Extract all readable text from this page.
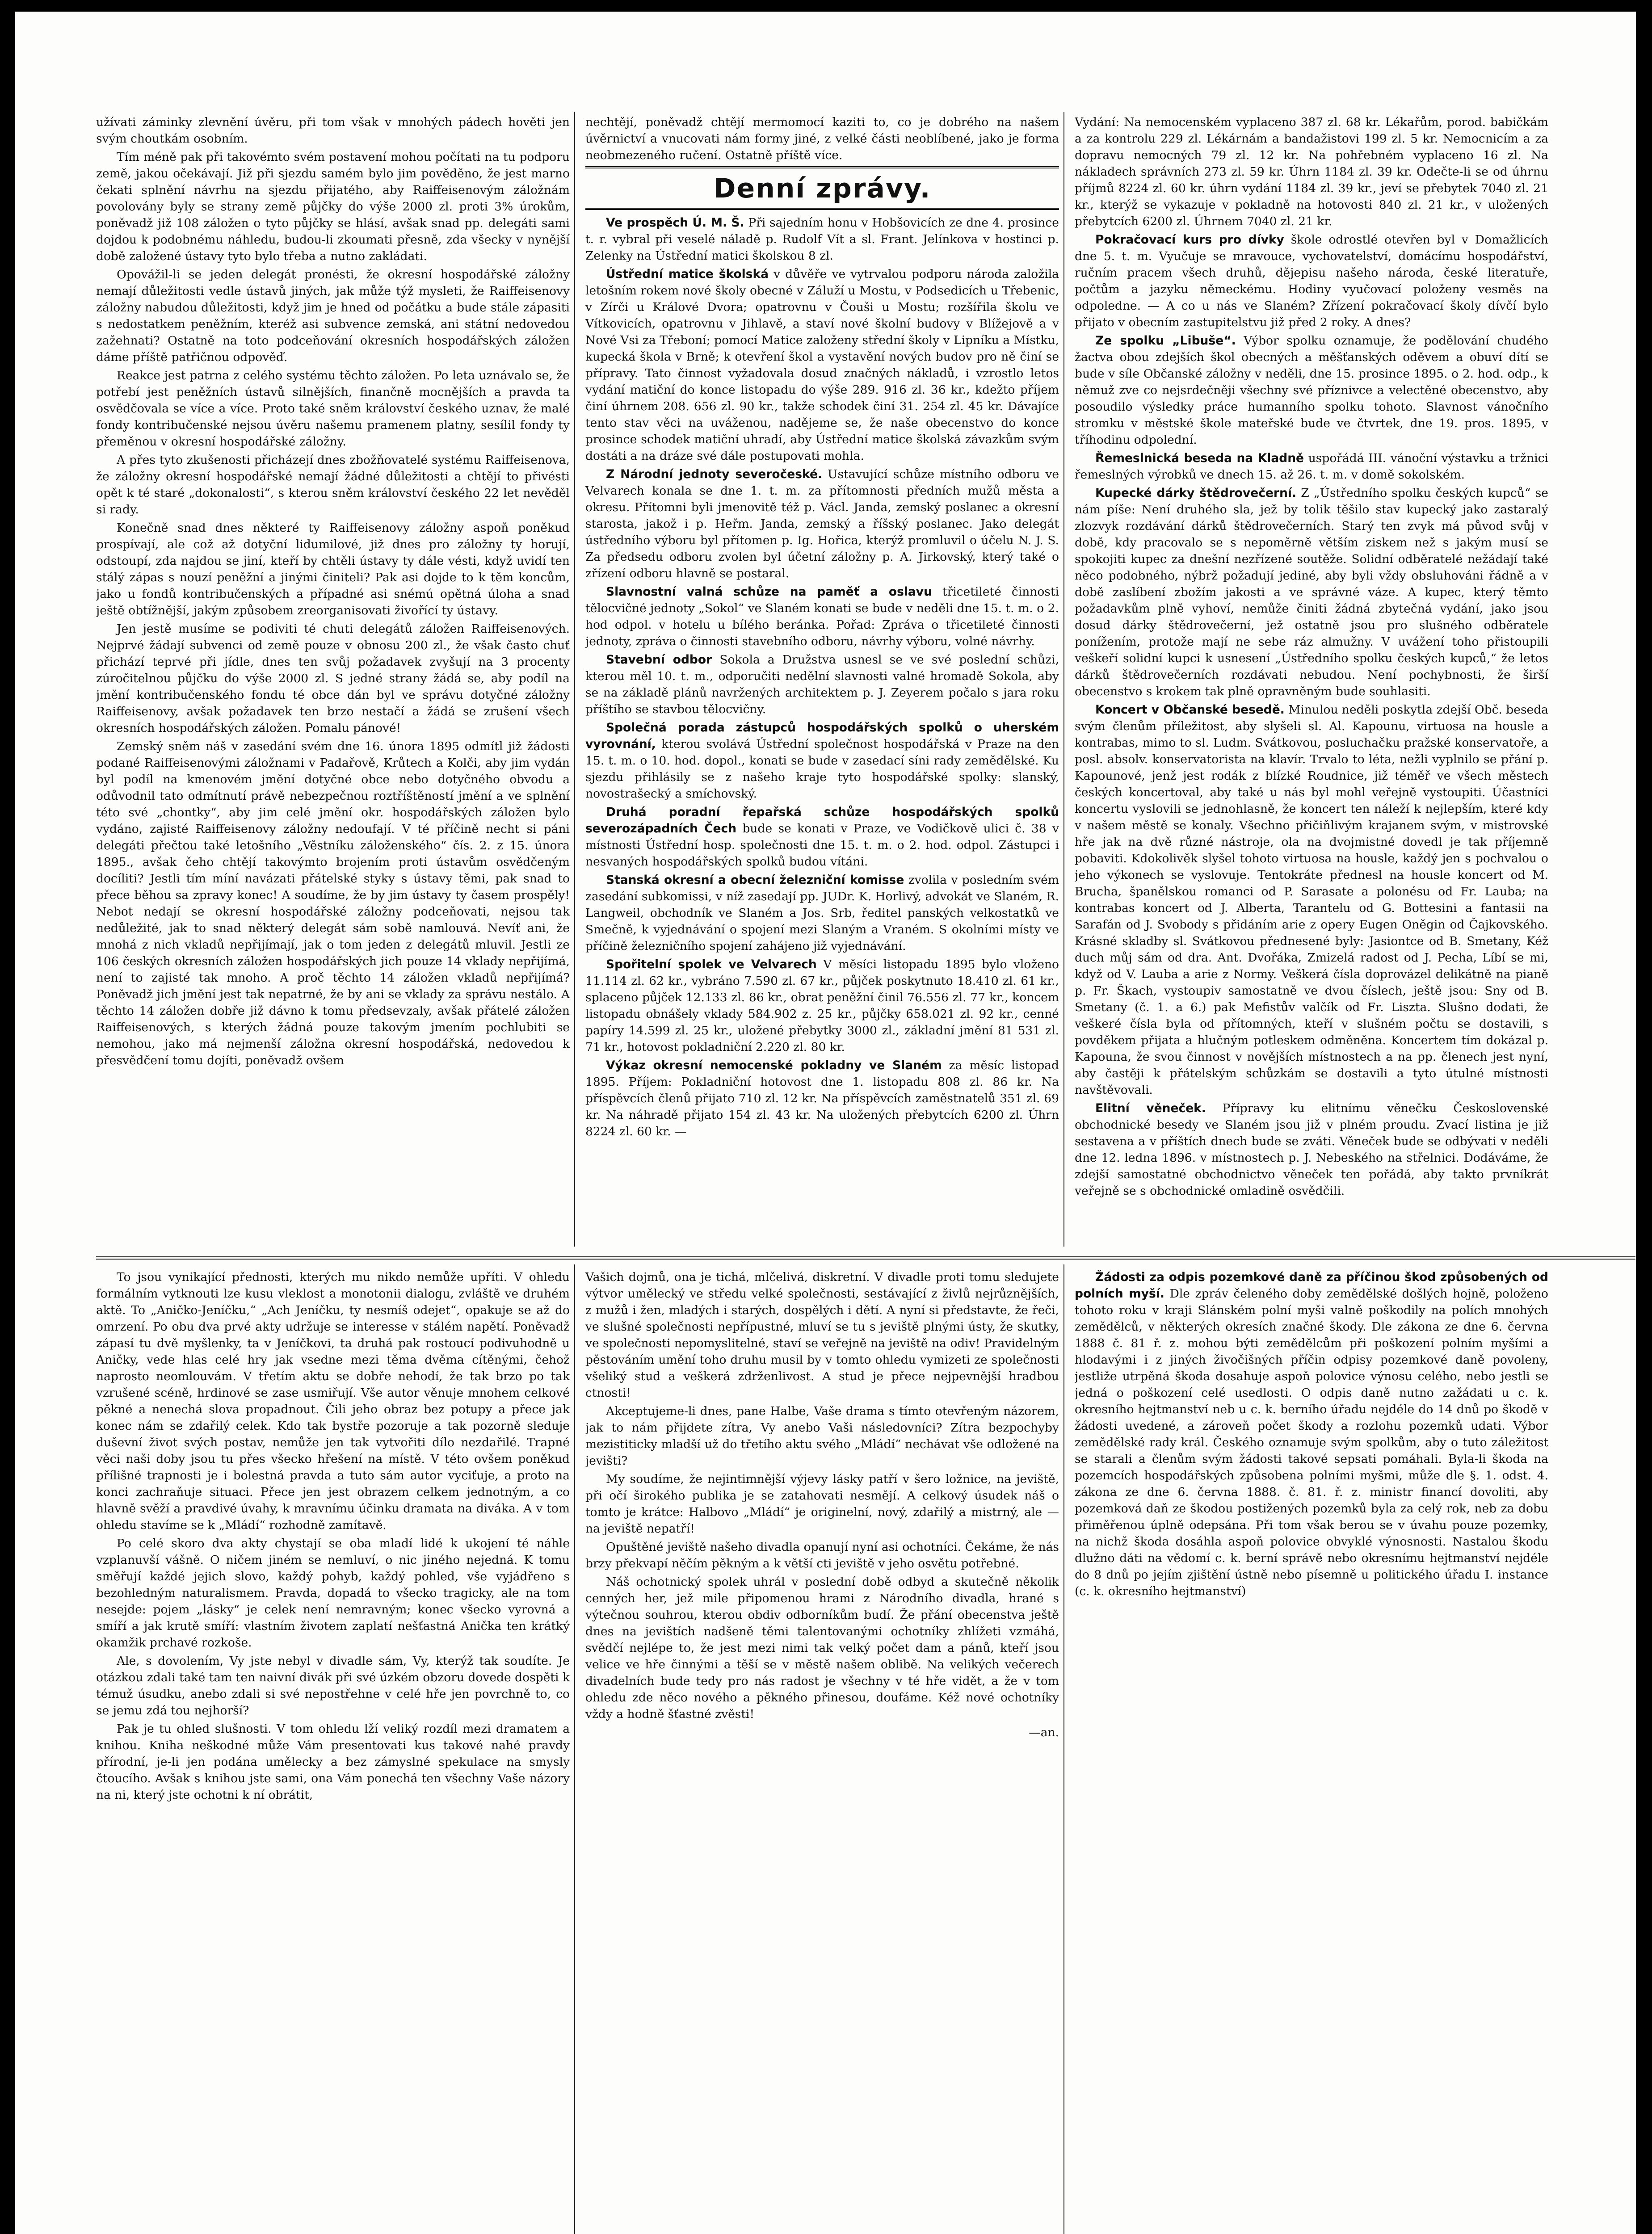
užívati záminky zlevnění úvěru, při tom však v mnohých pádech hověti jen svým choutkám osobním.

Tím méně pak při takovémto svém postavení mohou počítati na tu podporu země, jakou očekávají. Již při sjezdu samém bylo jim pověděno, že jest marno čekati splnění návrhu na sjezdu přijatého, aby Raiffeisenovým záložnám povolovány byly se strany země půjčky do výše 2000 zl. proti 3% úrokům, poněvadž již 108 záložen o tyto půjčky se hlásí, avšak snad pp. delegáti sami dojdou k podobnému náhledu, budou-li zkoumati přesně, zda všecky v nynější době založené ústavy tyto bylo třeba a nutno zakládati.

Opovážil-li se jeden delegát pronésti, že okresní hospodářské záložny nemají důležitosti vedle ústavů jiných, jak může týž mysleti, že Raiffeisenovy záložny nabudou důležitosti, když jim je hned od počátku a bude stále zápasiti s nedostatkem peněžním, kteréž asi subvence zemská, ani státní nedovedou zažehnati? Ostatně na toto podceňování okresních hospodářských záložen dáme příště patřičnou odpověď.

Reakce jest patrna z celého systému těchto záložen. Po leta uznávalo se, že potřebí jest peněžních ústavů silnějších, finančně mocnějších a pravda ta osvědčovala se více a více. Proto také sněm království českého uznav, že malé fondy kontribučenské nejsou úvěru našemu pramenem platny, sesílil fondy ty přeměnou v okresní hospodářské záložny.

A přes tyto zkušenosti přicházejí dnes zbožňovatelé systému Raiffeisenova, že záložny okresní hospodářské nemají žádné důležitosti a chtějí to přivésti opět k té staré „dokonalosti“, s kterou sněm království českého 22 let nevěděl si rady.

Konečně snad dnes některé ty Raiffeisenovy záložny aspoň poněkud prospívají, ale což až dotyční lidumilové, již dnes pro záložny ty horují, odstoupí, zda najdou se jiní, kteří by chtěli ústavy ty dále vésti, když uvidí ten stálý zápas s nouzí peněžní a jinými činiteli? Pak asi dojde to k těm koncům, jako u fondů kontribučenských a případné asi snémú opětná úloha a snad ještě obtížnější, jakým způsobem zreorganisovati živořící ty ústavy.

Jen jestě musíme se podiviti té chuti delegátů záložen Raiffeisenových. Nejprvé žádají subvenci od země pouze v obnosu 200 zl., že však často chuť přichází teprvé při jídle, dnes ten svůj požadavek zvyšují na 3 procenty zúročitelnou půjčku do výše 2000 zl. S jedné strany žádá se, aby podíl na jmění kontribučenského fondu té obce dán byl ve správu dotyčné záložny Raiffeisenovy, avšak požadavek ten brzo nestačí a žádá se zrušení všech okresních hospodářských záložen. Pomalu pánové!

Zemský sněm náš v zasedání svém dne 16. února 1895 odmítl již žádosti podané Raiffeisenovými záložnami v Padařově, Krůtech a Kolči, aby jim vydán byl podíl na kmenovém jmění dotyčné obce nebo dotyčného obvodu a odůvodnil tato odmítnutí právě nebezpečnou roztříštěností jmění a ve splnění této své „chontky“, aby jim celé jmění okr. hospodářských záložen bylo vydáno, zajisté Raiffeisenovy záložny nedoufají. V té příčině necht si páni delegáti přečtou také letošního „Věstníku záloženského“ čís. 2. z 15. února 1895., avšak čeho chtějí takovýmto brojením proti ústavům osvědčeným docíliti? Jestli tím míní navázati přátelské styky s ústavy těmi, pak snad to přece běhou sa zpravy konec! A soudíme, že by jim ústavy ty časem prospěly! Nebot nedají se okresní hospodářské záložny podceňovati, nejsou tak nedůležité, jak to snad některý delegát sám sobě namlouvá. Nevíť ani, že mnohá z nich vkladů nepřijímají, jak o tom jeden z delegátů mluvil. Jestli ze 106 českých okresních záložen hospodářských jich pouze 14 vklady nepřijímá, není to zajisté tak mnoho. A proč těchto 14 záložen vkladů nepřijímá? Poněvadž jich jmění jest tak nepatrné, že by ani se vklady za správu nestálo. A těchto 14 záložen dobře již dávno k tomu předsevzaly, avšak přátelé záložen Raiffeisenových, s kterých žádná pouze takovým jmením pochlubiti se nemohou, jako má nejmenší záložna okresní hospodářská, nedovedou k přesvědčení tomu dojíti, poněvadž ovšem

nechtějí, poněvadž chtějí mermomocí kaziti to, co je dobrého na našem úvěrnictví a vnucovati nám formy jiné, z velké části neoblíbené, jako je forma neobmezeného ručení. Ostatně příště více.

Denní zprávy.

Ve prospěch Ú. M. Š. Při sajedním honu v Hobšovicích ze dne 4. prosince t. r. vybral při veselé náladě p. Rudolf Vít a sl. Frant. Jelínkova v hostinci p. Zelenky na Ústřední matici školskou 8 zl.

Ústřední matice školská v důvěře ve vytrvalou podporu národa založila letošním rokem nové školy obecné v Záluží u Mostu, v Podsedicích u Třebenic, v Zírči u Králové Dvora; opatrovnu v Čouši u Mostu; rozšířila školu ve Vítkovicích, opatrovnu v Jihlavě, a staví nové školní budovy v Blížejově a v Nové Vsi za Třeboní; pomocí Matice založeny střední školy v Lipníku a Místku, kupecká škola v Brně; k otevření škol a vystavění nových budov pro ně činí se přípravy. Tato činnost vyžadovala dosud značných nákladů, i vzrostlo letos vydání matiční do konce listopadu do výše 289. 916 zl. 36 kr., kdežto příjem činí úhrnem 208. 656 zl. 90 kr., takže schodek činí 31. 254 zl. 45 kr. Dávajíce tento stav věci na uváženou, nadějeme se, že naše obecenstvo do konce prosince schodek matiční uhradí, aby Ústřední matice školská závazkům svým dostáti a na dráze své dále postupovati mohla.

Z Národní jednoty severočeské. Ustavující schůze místního odboru ve Velvarech konala se dne 1. t. m. za přítomnosti předních mužů města a okresu. Přítomni byli jmenovitě též p. Václ. Janda, zemský poslanec a okresní starosta, jakož i p. Heřm. Janda, zemský a říšský poslanec. Jako delegát ústředního výboru byl přítomen p. Ig. Hořica, kterýž promluvil o účelu N. J. S. Za předsedu odboru zvolen byl účetní záložny p. A. Jirkovský, který také o zřízení odboru hlavně se postaral.

Slavnostní valná schůze na paměť a oslavu třicetileté činnosti tělocvičné jednoty „Sokol“ ve Slaném konati se bude v neděli dne 15. t. m. o 2. hod odpol. v hotelu u bílého beránka. Pořad: Zpráva o třicetileté činnosti jednoty, zpráva o činnosti stavebního odboru, návrhy výboru, volné návrhy.

Stavební odbor Sokola a Družstva usnesl se ve své poslední schůzi, kterou měl 10. t. m., odporučiti nedělní slavnosti valné hromadě Sokola, aby se na základě plánů navržených architektem p. J. Zeyerem počalo s jara roku příštího se stavbou tělocvičny.

Společná porada zástupců hospodářských spolků o uherském vyrovnání, kterou svolává Ústřední společnost hospodářská v Praze na den 15. t. m. o 10. hod. dopol., konati se bude v zasedací síni rady zemědělské. Ku sjezdu přihlásily se z našeho kraje tyto hospodářské spolky: slanský, novostrašecký a smíchovský.

Druhá poradní řepařská schůze hospodářských spolků severozápadních Čech bude se konati v Praze, ve Vodičkově ulici č. 38 v místnosti Ústřední hosp. společnosti dne 15. t. m. o 2. hod. odpol. Zástupci i nesvaných hospodářských spolků budou vítáni.

Stanská okresní a obecní železniční komisse zvolila v posledním svém zasedání subkomissi, v níž zasedají pp. JUDr. K. Horlivý, advokát ve Slaném, R. Langweil, obchodník ve Slaném a Jos. Srb, ředitel panských velkostatků ve Smečně, k vyjednávání o spojení mezi Slaným a Vraném. S okolními místy ve příčině železničního spojení zahájeno již vyjednávání.

Spořitelní spolek ve Velvarech V měsíci listopadu 1895 bylo vloženo 11.114 zl. 62 kr., vybráno 7.590 zl. 67 kr., půjček poskytnuto 18.410 zl. 61 kr., splaceno půjček 12.133 zl. 86 kr., obrat peněžní činil 76.556 zl. 77 kr., koncem listopadu obnášely vklady 584.902 z. 25 kr., půjčky 658.021 zl. 92 kr., cenné papíry 14.599 zl. 25 kr., uložené přebytky 3000 zl., základní jmění 81 531 zl. 71 kr., hotovost pokladniční 2.220 zl. 80 kr.

Výkaz okresní nemocenské pokladny ve Slaném za měsíc listopad 1895. Příjem: Pokladniční hotovost dne 1. listopadu 808 zl. 86 kr. Na příspěvcích členů přijato 710 zl. 12 kr. Na příspěvcích zaměstnatelů 351 zl. 69 kr. Na náhradě přijato 154 zl. 43 kr. Na uložených přebytcích 6200 zl. Úhrn 8224 zl. 60 kr. —

Vydání: Na nemocenském vyplaceno 387 zl. 68 kr. Lékařům, porod. babičkám a za kontrolu 229 zl. Lékárnám a bandažistovi 199 zl. 5 kr. Nemocnicím a za dopravu nemocných 79 zl. 12 kr. Na pohřebném vyplaceno 16 zl. Na nákladech správních 273 zl. 59 kr. Úhrn 1184 zl. 39 kr. Odečte-li se od úhrnu příjmů 8224 zl. 60 kr. úhrn vydání 1184 zl. 39 kr., jeví se přebytek 7040 zl. 21 kr., kterýž se vykazuje v pokladně na hotovosti 840 zl. 21 kr., v uložených přebytcích 6200 zl. Úhrnem 7040 zl. 21 kr.

Pokračovací kurs pro dívky škole odrostlé otevřen byl v Domažlicích dne 5. t. m. Vyučuje se mravouce, vychovatelství, domácímu hospodářství, ručním pracem všech druhů, dějepisu našeho národa, české literatuře, počtům a jazyku německému. Hodiny vyučovací položeny vesměs na odpoledne. — A co u nás ve Slaném? Zřízení pokračovací školy dívčí bylo přijato v obecním zastupitelstvu již před 2 roky. A dnes?

Ze spolku „Libuše“. Výbor spolku oznamuje, že podělování chudého žactva obou zdejších škol obecných a měšťanských oděvem a obuví dítí se bude v síle Občanské záložny v neděli, dne 15. prosince 1895. o 2. hod. odp., k němuž zve co nejsrdečněji všechny své příznivce a velectěné obecenstvo, aby posoudilo výsledky práce humanního spolku tohoto. Slavnost vánočního stromku v městské škole mateřské bude ve čtvrtek, dne 19. pros. 1895, v tříhodinu odpolední.

Řemeslnická beseda na Kladně uspořádá III. vánoční výstavku a tržnici řemeslných výrobků ve dnech 15. až 26. t. m. v domě sokolském.

Kupecké dárky štědrovečerní. Z „Ústředního spolku českých kupců“ se nám píše: Není druhého sla, jež by tolik těšilo stav kupecký jako zastaralý zlozvyk rozdávání dárků štědrovečerních. Starý ten zvyk má původ svůj v době, kdy pracovalo se s nepoměrně větším ziskem než s jakým musí se spokojiti kupec za dnešní nezřízené soutěže. Solidní odběratelé nežádají také něco podobného, nýbrž požadují jediné, aby byli vždy obsluhováni řádně a v době zaslíbení zbožím jakosti a ve správné váze. A kupec, který těmto požadavkům plně vyhoví, nemůže činiti žádná zbytečná vydání, jako jsou dosud dárky štědrovečerní, jež ostatně jsou pro slušného odběratele ponížením, protože mají ne sebe ráz almužny. V uvážení toho přistoupili veškeří solidní kupci k usnesení „Ústředního spolku českých kupců,“ že letos dárků štědrovečerních rozdávati nebudou. Není pochybnosti, že širší obecenstvo s krokem tak plně opravněným bude souhlasiti.

Koncert v Občanské besedě. Minulou neděli poskytla zdejší Obč. beseda svým členům příležitost, aby slyšeli sl. Al. Kapounu, virtuosa na housle a kontrabas, mimo to sl. Ludm. Svátkovou, posluchačku pražské konservatoře, a posl. absolv. konservatorista na klavír. Trvalo to léta, nežli vyplnilo se přání p. Kapounové, jenž jest rodák z blízké Roudnice, již téměř ve všech městech českých koncertoval, aby také u nás byl mohl veřejně vystoupiti. Účastníci koncertu vyslovili se jednohlasně, že koncert ten náleží k nejlepším, které kdy v našem městě se konaly. Všechno přičiňlivým krajanem svým, v mistrovské hře jak na dvě různé nástroje, ola na dvojmistné dovedl je tak příjemně pobaviti. Kdokolivěk slyšel tohoto virtuosa na housle, každý jen s pochvalou o jeho výkonech se vyslovuje. Tentokráte přednesl na housle koncert od M. Brucha, španělskou romanci od P. Sarasate a polonésu od Fr. Lauba; na kontrabas koncert od J. Alberta, Tarantelu od G. Bottesini a fantasii na Sarafán od J. Svobody s přidáním arie z opery Eugen Oněgin od Čajkovského. Krásné skladby sl. Svátkovou přednesené byly: Jasiontce od B. Smetany, Kéž duch můj sám od dra. Ant. Dvořáka, Zmizelá radost od J. Pecha, Líbí se mi, když od V. Lauba a arie z Normy. Veškerá čísla doprovázel delikátně na pianě p. Fr. Škach, vystoupiv samostatně ve dvou číslech, ještě jsou: Sny od B. Smetany (č. 1. a 6.) pak Mefistův valčík od Fr. Liszta. Slušno dodati, že veškeré čísla byla od přítomných, kteří v slušném počtu se dostavili, s povděkem přijata a hlučným potleskem odměněna. Koncertem tím dokázal p. Kapouna, že svou činnost v novějších místnostech a na pp. členech jest nyní, aby častěji k přátelským schůzkám se dostavili a tyto útulné místnosti navštěvovali.

Elitní věneček. Přípravy ku elitnímu věnečku Československé obchodnické besedy ve Slaném jsou již v plném proudu. Zvací listina je již sestavena a v příštích dnech bude se zváti. Věneček bude se odbývati v neděli dne 12. ledna 1896. v místnostech p. J. Nebeského na střelnici. Dodáváme, že zdejší samostatné obchodnictvo věneček ten pořádá, aby takto prvníkrát veřejně se s obchodnické omladině osvědčili.

To jsou vynikající přednosti, kterých mu nikdo nemůže upříti. V ohledu formálním vytknouti lze kusu vleklost a monotonii dialogu, zvláště ve druhém aktě. To „Aničko-Jeníčku,“ „Ach Jeníčku, ty nesmíš odejet“, opakuje se až do omrzení. Po obu dva prvé akty udržuje se interesse v stálém napětí. Poněvadž zápasí tu dvě myšlenky, ta v Jeníčkovi, ta druhá pak rostoucí podivuhodně u Aničky, vede hlas celé hry jak vsedne mezi těma dvěma cítěnými, čehož naprosto neomlouvám. V třetím aktu se dobře nehodí, že tak brzo po tak vzrušené scéně, hrdinové se zase usmiřují. Vše autor věnuje mnohem celkové pěkné a nenechá slova propadnout. Čili jeho obraz bez potupy a přece jak konec nám se zdařilý celek. Kdo tak bystře pozoruje a tak pozorně sleduje duševní život svých postav, nemůže jen tak vytvořiti dílo nezdařilé. Trapné věci naši doby jsou tu přes všecko hřešení na místě. V této ovšem poněkud přílišné trapnosti je i bolestná pravda a tuto sám autor vyciťuje, a proto na konci zachraňuje situaci. Přece jen jest obrazem celkem jednotným, a co hlavně svěží a pravdivé úvahy, k mravnímu účinku dramata na diváka. A v tom ohledu stavíme se k „Mládí“ rozhodně zamítavě.

Po celé skoro dva akty chystají se oba mladí lidé k ukojení té náhle vzplanuvší vášně. O ničem jiném se nemluví, o nic jiného nejedná. K tomu směřují každé jejich slovo, každý pohyb, každý pohled, vše vyjádřeno s bezohledným naturalismem. Pravda, dopadá to všecko tragicky, ale na tom nesejde: pojem „lásky“ je celek není nemravným; konec všecko vyrovná a smíří a jak krutě smíří: vlastním životem zaplatí nešťastná Anička ten krátký okamžik prchavé rozkoše.

Ale, s dovolením, Vy jste nebyl v divadle sám, Vy, kterýž tak soudíte. Je otázkou zdali také tam ten naivní divák při své úzkém obzoru dovede dospěti k témuž úsudku, anebo zdali si své nepostřehne v celé hře jen povrchně to, co se jemu zdá tou nejhorší?

Pak je tu ohled slušnosti. V tom ohledu lží veliký rozdíl mezi dramatem a knihou. Kniha neškodné může Vám presentovati kus takové nahé pravdy přírodní, je-li jen podána umělecky a bez zámyslné spekulace na smysly čtoucího. Avšak s knihou jste sami, ona Vám ponechá ten všechny Vaše názory na ni, který jste ochotni k ní obrátit,

Vašich dojmů, ona je tichá, mlčelivá, diskretní. V divadle proti tomu sledujete výtvor umělecký ve středu velké společnosti, sestávající z živlů nejrůznějších, z mužů i žen, mladých i starých, dospělých i dětí. A nyní si představte, že řeči, ve slušné společnosti nepřípustné, mluví se tu s jeviště plnými ústy, že skutky, ve společnosti nepomyslitelné, staví se veřejně na jeviště na odiv! Pravidelným pěstováním umění toho druhu musil by v tomto ohledu vymizeti ze společnosti všeliký stud a veškerá zdrženlivost. A stud je přece nejpevnější hradbou ctnosti!

Akceptujeme-li dnes, pane Halbe, Vaše drama s tímto otevřeným názorem, jak to nám přijdete zítra, Vy anebo Vaši následovníci? Zítra bezpochyby mezistiticky mladší už do třetího aktu svého „Mládí“ nechávat vše odložené na jevišti?

My soudíme, že nejintimnější výjevy lásky patří v šero ložnice, na jeviště, při očí širokého publika je se zatahovati nesmějí. A celkový úsudek náš o tomto je krátce: Halbovo „Mládí“ je originelní, nový, zdařilý a mistrný, ale — na jeviště nepatří!

Opuštěné jeviště našeho divadla opanují nyní asi ochotníci. Čekáme, že nás brzy překvapí něčím pěkným a k větší cti jeviště v jeho osvětu potřebné.

Náš ochotnický spolek uhrál v poslední době odbyd a skutečně několik cenných her, jež mile připomenou hrami z Národního divadla, hrané s výtečnou souhrou, kterou obdiv odborníkům budí. Že přání obecenstva ještě dnes na jevištích nadšeně těmi talentovanými ochotníky zhlížeti vzmáhá, svědčí nejlépe to, že jest mezi nimi tak velký počet dam a pánů, kteří jsou velice ve hře činnými a těší se v městě našem oblibě. Na velikých večerech divadelních bude tedy pro nás radost je všechny v té hře vidět, a že v tom ohledu zde něco nového a pěkného přinesou, doufáme. Kéž nové ochotníky vždy a hodně šťastné zvěsti!

—an.

Žádosti za odpis pozemkové daně za příčinou škod způsobených od polních myší. Dle zpráv čeleného doby zemědělské došlých hojně, položeno tohoto roku v kraji Slánském polní myši valně poškodily na polích mnohých zemědělců, v některých okresích značné škody. Dle zákona ze dne 6. června 1888 č. 81 ř. z. mohou býti zemědělcům při poškození polním myšími a hlodavými i z jiných živočišných příčin odpisy pozemkové daně povoleny, jestliže utrpěná škoda dosahuje aspoň polovice výnosu celého, nebo jestli se jedná o poškození celé usedlosti. O odpis daně nutno zažádati u c. k. okresního hejtmanství neb u c. k. berního úřadu nejdéle do 14 dnů po škodě v žádosti uvedené, a zároveň počet škody a rozlohu pozemků udati. Výbor zemědělské rady král. Českého oznamuje svým spolkům, aby o tuto záležitost se starali a členům svým žádosti takové sepsati pomáhali. Byla-li škoda na pozemcích hospodářských způsobena polními myšmi, může dle §. 1. odst. 4. zákona ze dne 6. června 1888. č. 81. ř. z. ministr financí dovoliti, aby pozemková daň ze škodou postižených pozemků byla za celý rok, neb za dobu přiměřenou úplně odepsána. Při tom však berou se v úvahu pouze pozemky, na nichž škoda dosáhla aspoň polovice obvyklé výnosnosti. Nastalou škodu dlužno dáti na vědomí c. k. berní správě nebo okresnímu hejtmanství nejdéle do 8 dnů po jejím zjištění ústně nebo písemně u politického úřadu I. instance (c. k. okresního hejtmanství)
